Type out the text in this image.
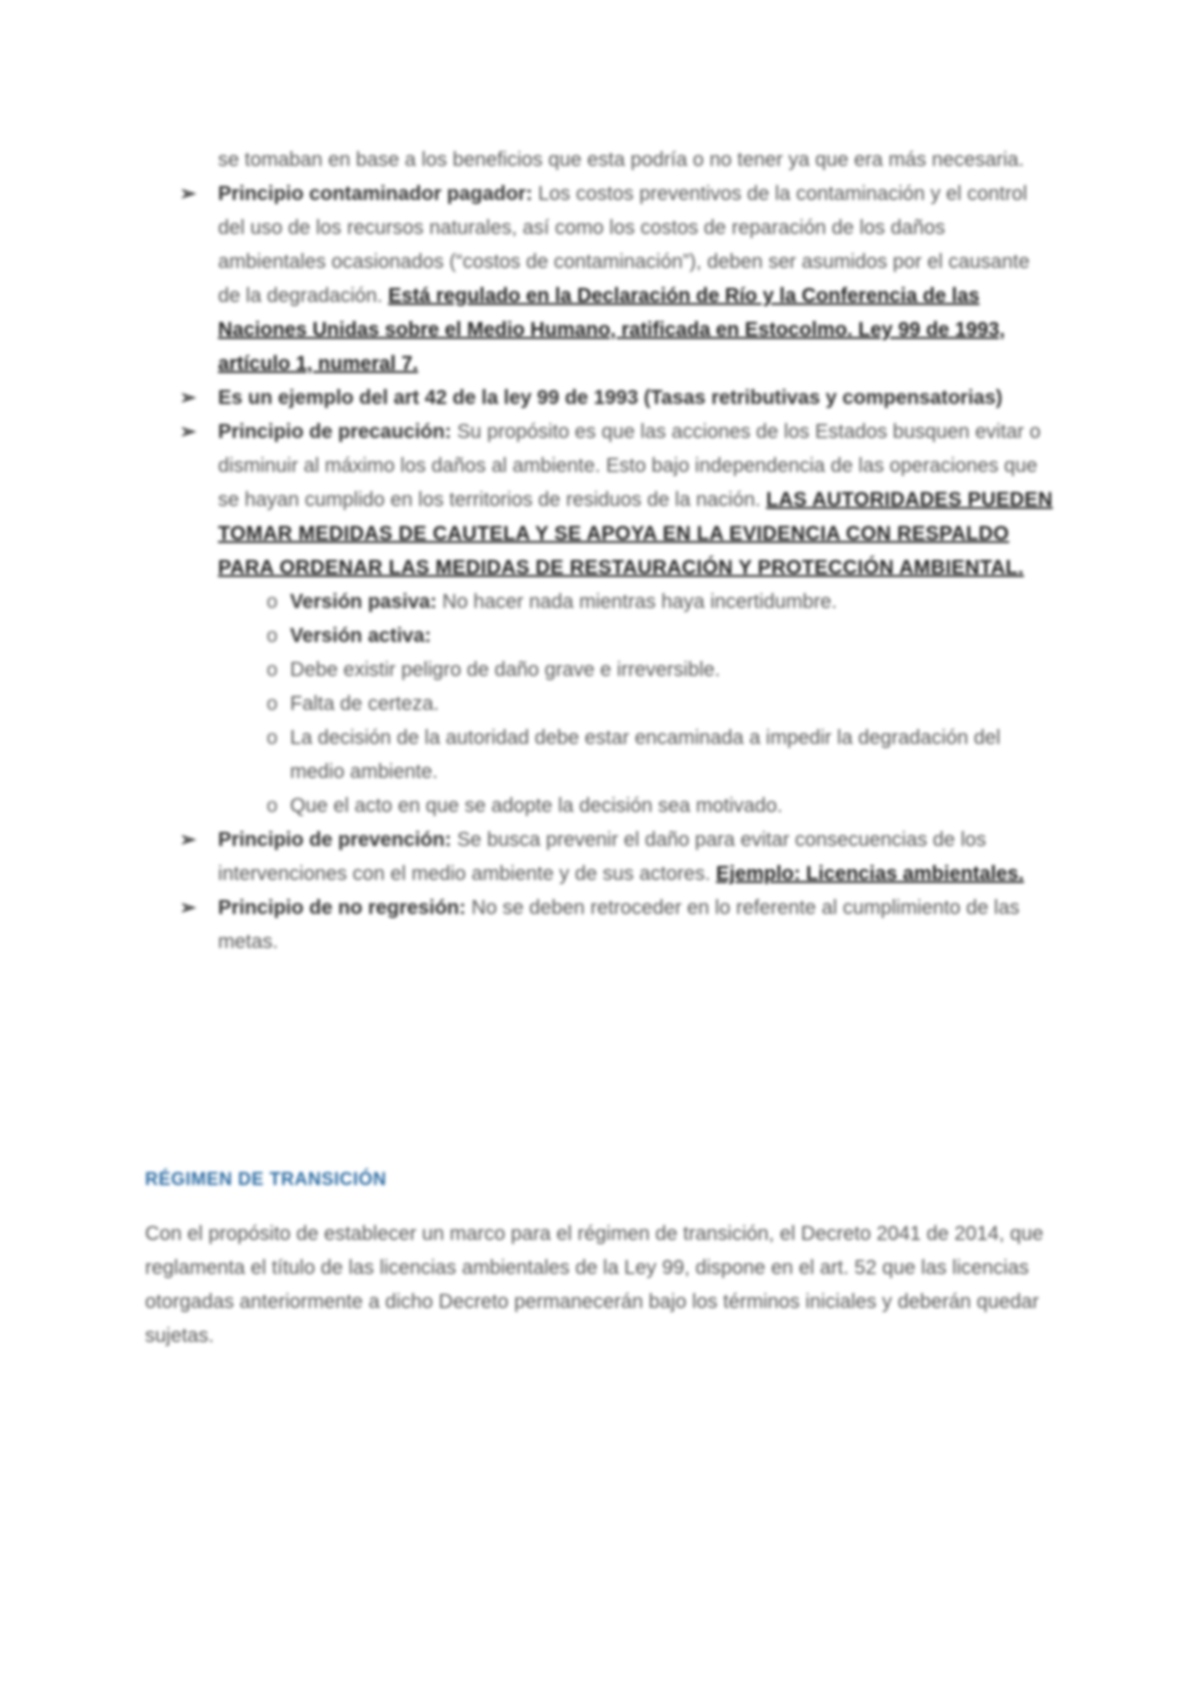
se tomaban en base a los beneficios que esta podría o no tener ya que era más necesaria.
➢ Principio contaminador pagador: Los costos preventivos de la contaminación y el control del uso de los recursos naturales, así como los costos de reparación de los daños ambientales ocasionados (“costos de contaminación”), deben ser asumidos por el causante de la degradación. Está regulado en la Declaración de Río y la Conferencia de las Naciones Unidas sobre el Medio Humano, ratificada en Estocolmo. Ley 99 de 1993, artículo 1, numeral 7.
➢ Es un ejemplo del art 42 de la ley 99 de 1993 (Tasas retributivas y compensatorias)
➢ Principio de precaución: Su propósito es que las acciones de los Estados busquen evitar o disminuir al máximo los daños al ambiente. Esto bajo independencia de las operaciones que se hayan cumplido en los territorios de residuos de la nación. LAS AUTORIDADES PUEDEN TOMAR MEDIDAS DE CAUTELA Y SE APOYA EN LA EVIDENCIA CON RESPALDO PARA ORDENAR LAS MEDIDAS DE RESTAURACIÓN Y PROTECCIÓN AMBIENTAL.
o Versión pasiva: No hacer nada mientras haya incertidumbre.
o Versión activa:
o Debe existir peligro de daño grave e irreversible.
o Falta de certeza.
o La decisión de la autoridad debe estar encaminada a impedir la degradación del medio ambiente.
o Que el acto en que se adopte la decisión sea motivado.
➢ Principio de prevención: Se busca prevenir el daño para evitar consecuencias de los intervenciones con el medio ambiente y de sus actores. Ejemplo: Licencias ambientales.
➢ Principio de no regresión: No se deben retroceder en lo referente al cumplimiento de las metas.
RÉGIMEN DE TRANSICIÓN

Con el propósito de establecer un marco para el régimen de transición, el Decreto 2041 de 2014, que reglamenta el título de las licencias ambientales de la Ley 99, dispone en el art. 52 que las licencias otorgadas anteriormente a dicho Decreto permanecerán bajo los términos iniciales y deberán quedar sujetas.
